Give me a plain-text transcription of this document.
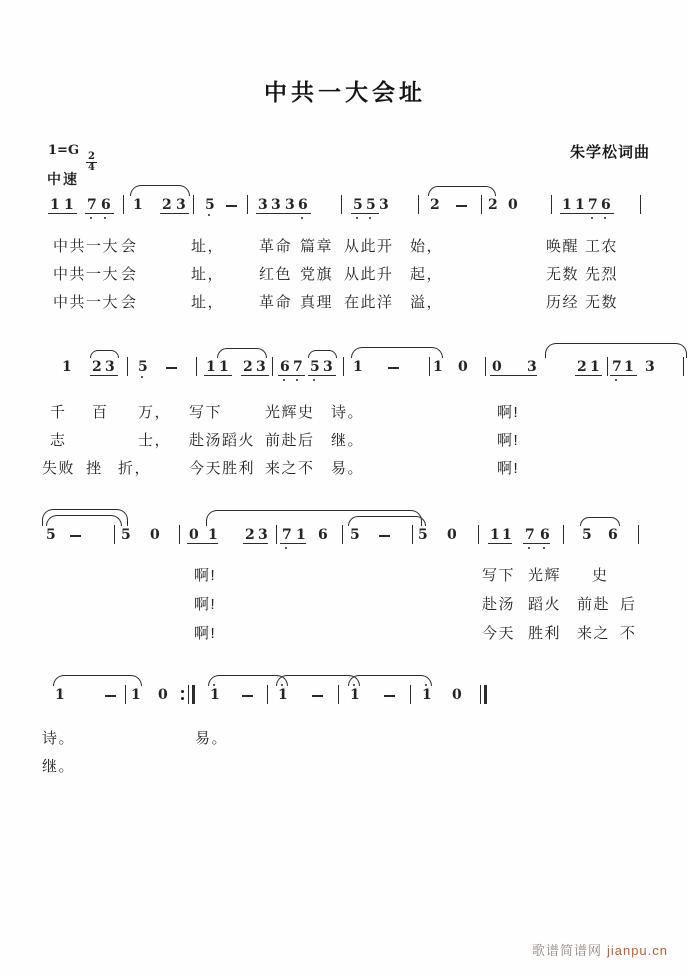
中共一大会址
1=G
$\frac{2}{4}$
中速
朱学松词曲
1 1 7 6 1 2 3 5	3 3 3 6	5 5 3	2	2 0	1 1 7 6
1 2 3 5	1 1 2 3 6 7 5 3 1	1 0 0 3	2 1 7 1 3
5	5 0 0 1 2 3 7 1 6 5	5 0 1 1 7 6 5 6
1	1 0	1	1	1	1 0
中共一大 会	址， 革命 篇章 从此开 始，	唤醒 工农
中共一大 会	址， 红色 党旗 从此升 起，	无数 先烈
中共一大 会	址， 革命 真理 在此洋 溢，	历经 无数
千 百 万， 写下	光辉史 诗。	啊!
志	士， 赴汤 蹈火 前赴后 继。	啊!
失败 挫 折，	今天 胜利 来之不 易。	啊!
啊!	写下 光辉 史
啊!	赴汤 蹈火 前赴 后
啊!	今天 胜利 来之 不
诗。	易。
继。
歌谱简谱网 jianpu.cn
